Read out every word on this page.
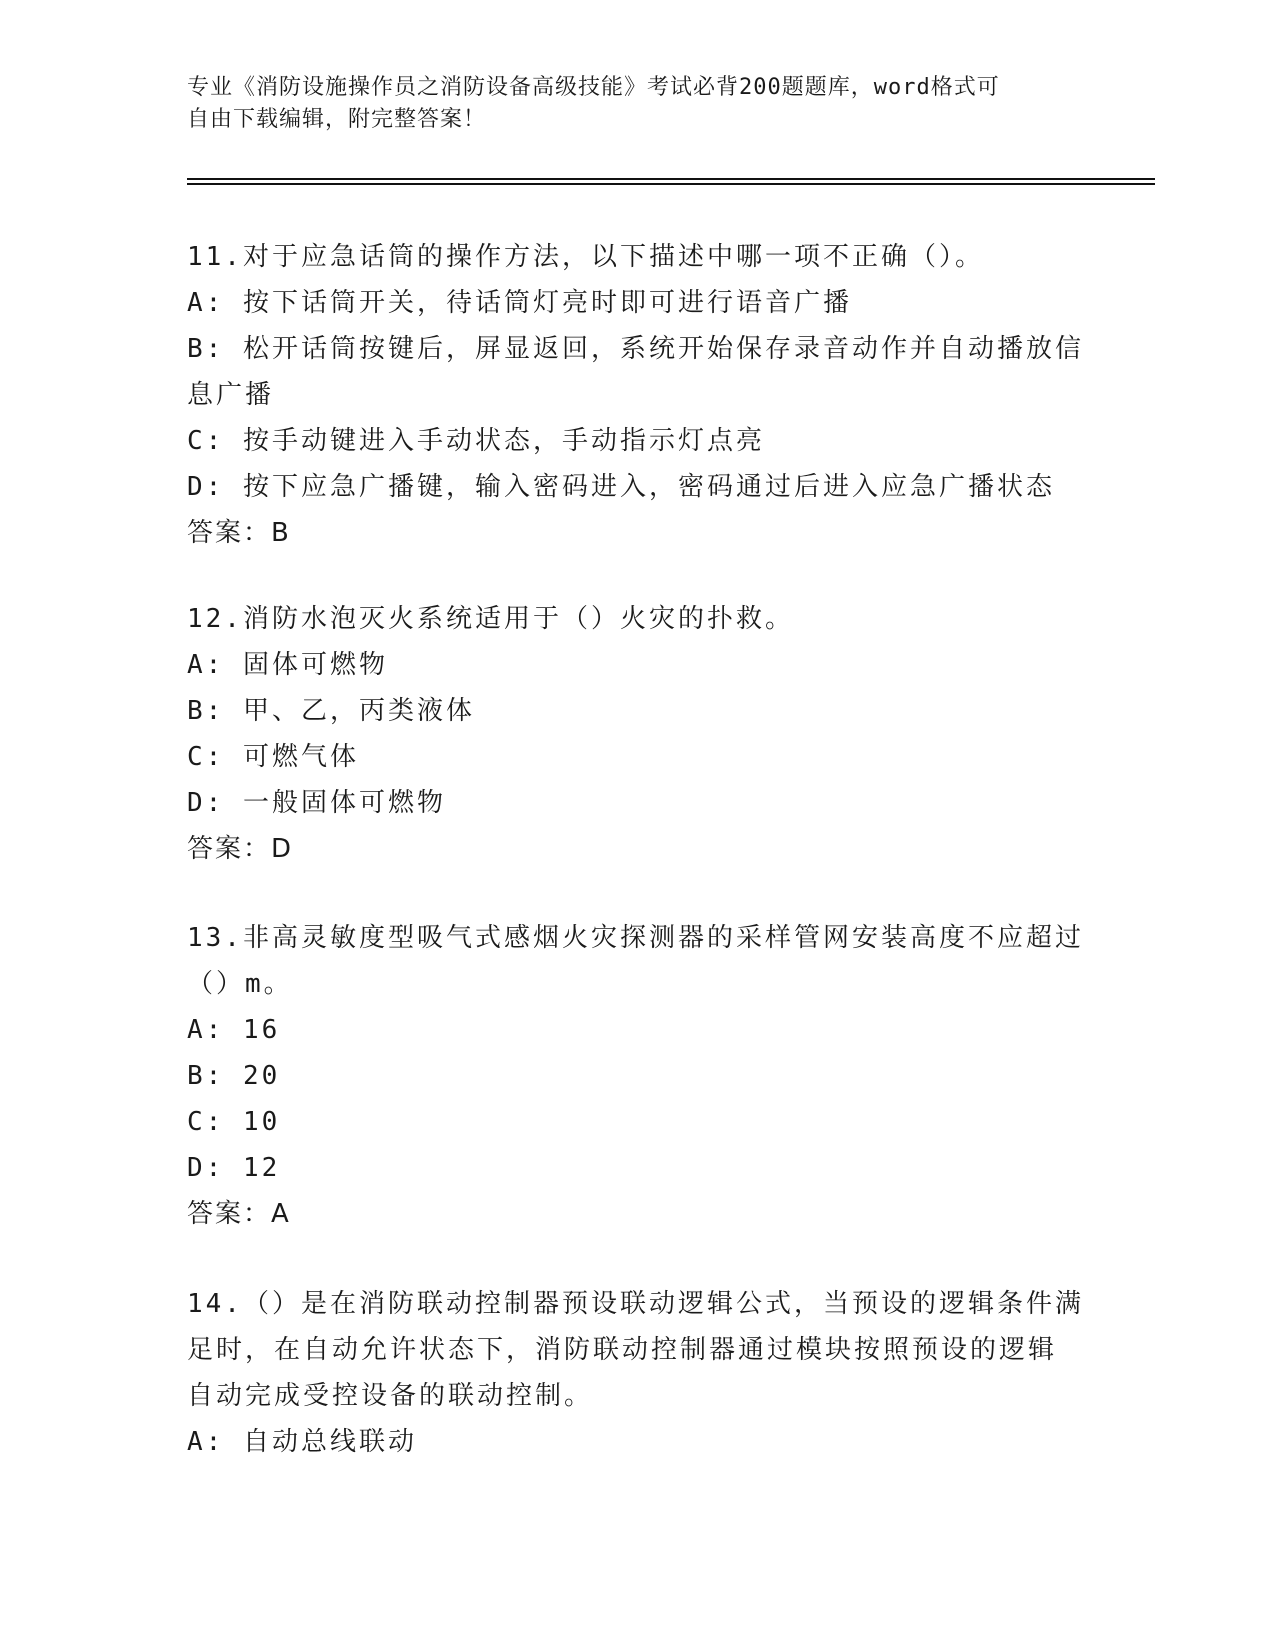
专业《消防设施操作员之消防设备高级技能》考试必背200题题库，word格式可
自由下载编辑，附完整答案！

11.对于应急话筒的操作方法，以下描述中哪一项不正确（）。

A: 按下话筒开关，待话筒灯亮时即可进行语音广播

B: 松开话筒按键后，屏显返回，系统开始保存录音动作并自动播放信

息广播

C: 按手动键进入手动状态，手动指示灯点亮

D: 按下应急广播键，输入密码进入，密码通过后进入应急广播状态

答案：B

12.消防水泡灭火系统适用于（）火灾的扑救。

A: 固体可燃物

B: 甲、乙，丙类液体

C: 可燃气体

D: 一般固体可燃物

答案：D

13.非高灵敏度型吸气式感烟火灾探测器的采样管网安装高度不应超过

（）m。

A: 16

B: 20

C: 10

D: 12

答案：A

14.（）是在消防联动控制器预设联动逻辑公式，当预设的逻辑条件满

足时，在自动允许状态下，消防联动控制器通过模块按照预设的逻辑

自动完成受控设备的联动控制。

A: 自动总线联动
